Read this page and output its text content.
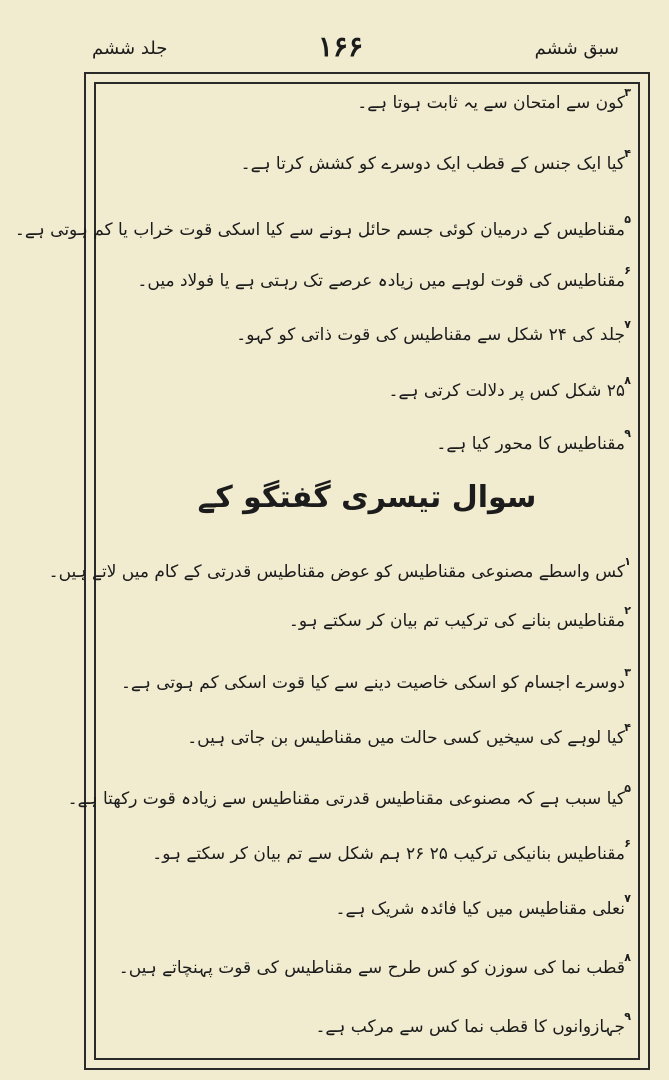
جلد ششم	۱۶۶	سبق ششم
۳
کون سے امتحان سے یہ ثابت ہوتا ہے۔
۴
کیا ایک جنس کے قطب ایک دوسرے کو کشش کرتا ہے۔
۵
مقناطیس کے درمیان کوئی جسم حائل ہونے سے کیا اسکی قوت خراب یا کم ہوتی ہے۔
۶
مقناطیس کی قوت لوہے میں زیادہ عرصے تک رہتی ہے یا فولاد میں۔
۷
جلد کی ۲۴ شکل سے مقناطیس کی قوت ذاتی کو کہو۔
۸
۲۵ شکل کس پر دلالت کرتی ہے۔
۹
مقناطیس کا محور کیا ہے۔
سوال تیسری گفتگو کے
۱
کس واسطے مصنوعی مقناطیس کو عوض مقناطیس قدرتی کے کام میں لاتے ہیں۔
۲
مقناطیس بنانے کی ترکیب تم بیان کر سکتے ہو۔
۳
دوسرے اجسام کو اسکی خاصیت دینے سے کیا قوت اسکی کم ہوتی ہے۔
۴
کیا لوہے کی سیخیں کسی حالت میں مقناطیس بن جاتی ہیں۔
۵
کیا سبب ہے کہ مصنوعی مقناطیس قدرتی مقناطیس سے زیادہ قوت رکھتا ہے۔
۶
مقناطیس بنانیکی ترکیب ۲۵ ۲۶ ہم شکل سے تم بیان کر سکتے ہو۔
۷
نعلی مقناطیس میں کیا فائدہ شریک ہے۔
۸
قطب نما کی سوزن کو کس طرح سے مقناطیس کی قوت پہنچاتے ہیں۔
۹
جہازوانوں کا قطب نما کس سے مرکب ہے۔
